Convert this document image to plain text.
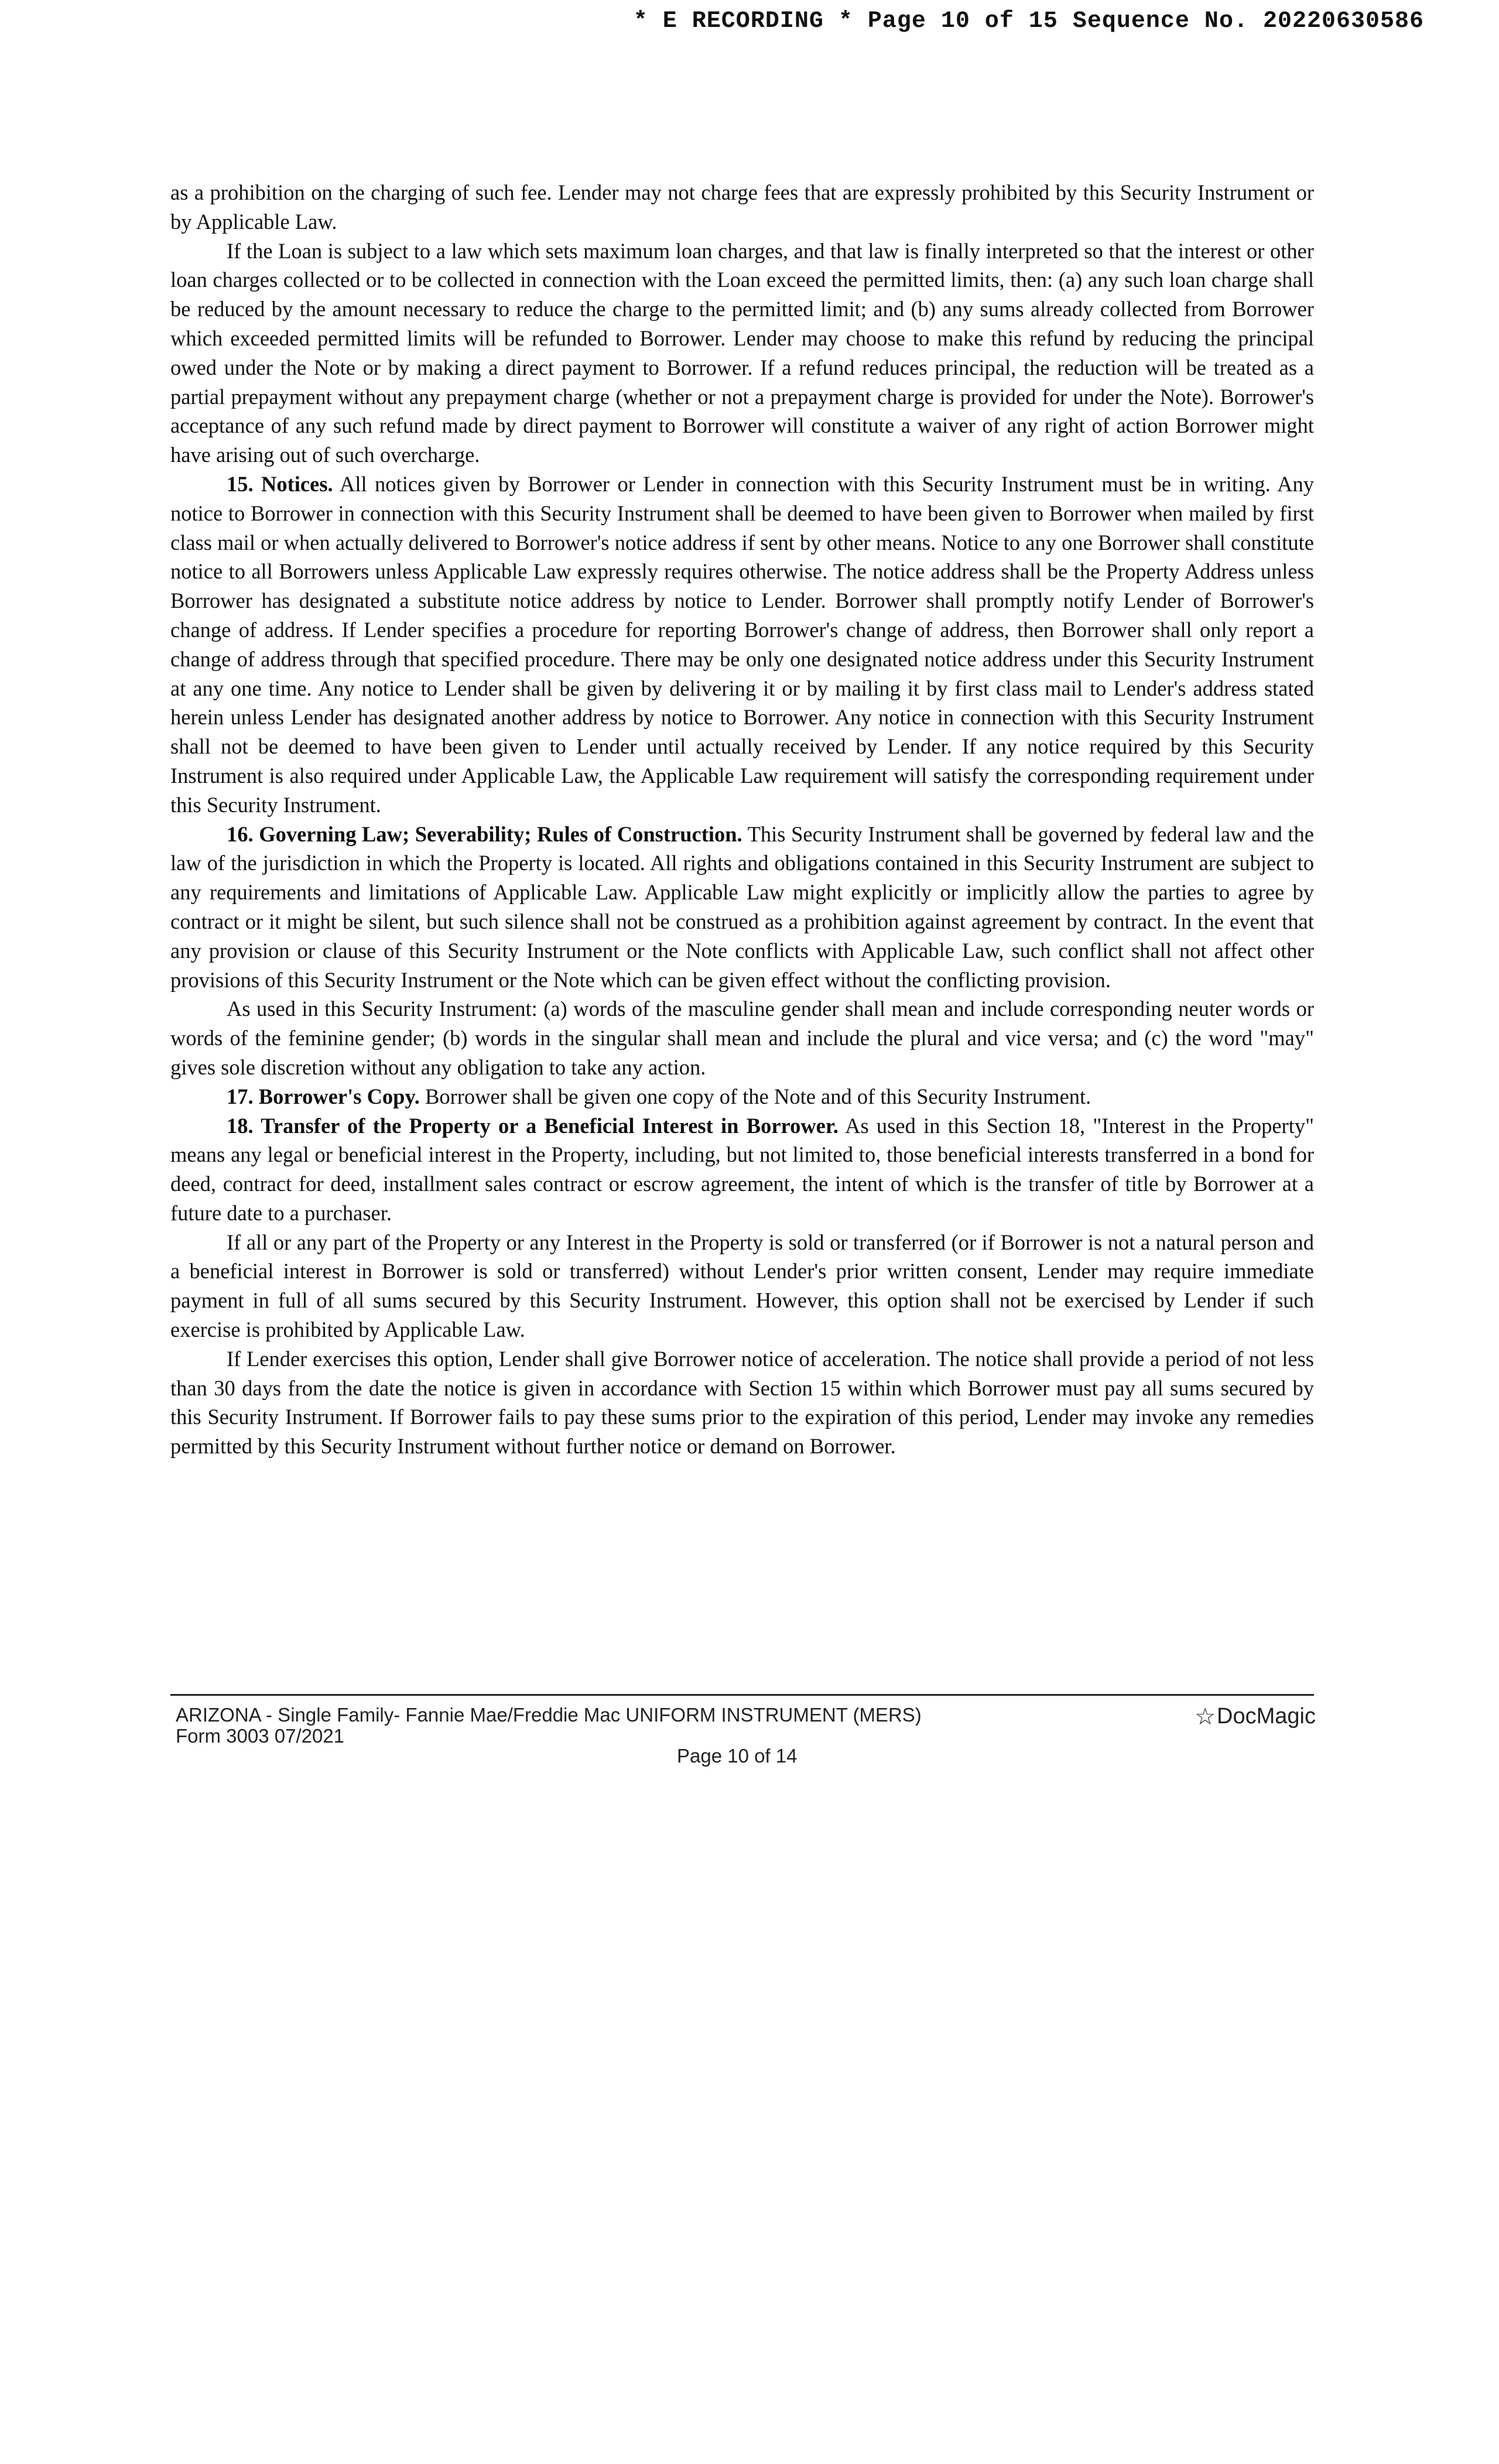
* E RECORDING * Page 10 of 15 Sequence No. 20220630586

as a prohibition on the charging of such fee. Lender may not charge fees that are expressly prohibited by this Security Instrument or by Applicable Law.

If the Loan is subject to a law which sets maximum loan charges, and that law is finally interpreted so that the interest or other loan charges collected or to be collected in connection with the Loan exceed the permitted limits, then: (a) any such loan charge shall be reduced by the amount necessary to reduce the charge to the permitted limit; and (b) any sums already collected from Borrower which exceeded permitted limits will be refunded to Borrower. Lender may choose to make this refund by reducing the principal owed under the Note or by making a direct payment to Borrower. If a refund reduces principal, the reduction will be treated as a partial prepayment without any prepayment charge (whether or not a prepayment charge is provided for under the Note). Borrower's acceptance of any such refund made by direct payment to Borrower will constitute a waiver of any right of action Borrower might have arising out of such overcharge.

15. Notices. All notices given by Borrower or Lender in connection with this Security Instrument must be in writing. Any notice to Borrower in connection with this Security Instrument shall be deemed to have been given to Borrower when mailed by first class mail or when actually delivered to Borrower's notice address if sent by other means. Notice to any one Borrower shall constitute notice to all Borrowers unless Applicable Law expressly requires otherwise. The notice address shall be the Property Address unless Borrower has designated a substitute notice address by notice to Lender. Borrower shall promptly notify Lender of Borrower's change of address. If Lender specifies a procedure for reporting Borrower's change of address, then Borrower shall only report a change of address through that specified procedure. There may be only one designated notice address under this Security Instrument at any one time. Any notice to Lender shall be given by delivering it or by mailing it by first class mail to Lender's address stated herein unless Lender has designated another address by notice to Borrower. Any notice in connection with this Security Instrument shall not be deemed to have been given to Lender until actually received by Lender. If any notice required by this Security Instrument is also required under Applicable Law, the Applicable Law requirement will satisfy the corresponding requirement under this Security Instrument.

16. Governing Law; Severability; Rules of Construction. This Security Instrument shall be governed by federal law and the law of the jurisdiction in which the Property is located. All rights and obligations contained in this Security Instrument are subject to any requirements and limitations of Applicable Law. Applicable Law might explicitly or implicitly allow the parties to agree by contract or it might be silent, but such silence shall not be construed as a prohibition against agreement by contract. In the event that any provision or clause of this Security Instrument or the Note conflicts with Applicable Law, such conflict shall not affect other provisions of this Security Instrument or the Note which can be given effect without the conflicting provision.

As used in this Security Instrument: (a) words of the masculine gender shall mean and include corresponding neuter words or words of the feminine gender; (b) words in the singular shall mean and include the plural and vice versa; and (c) the word "may" gives sole discretion without any obligation to take any action.

17. Borrower's Copy. Borrower shall be given one copy of the Note and of this Security Instrument.

18. Transfer of the Property or a Beneficial Interest in Borrower. As used in this Section 18, "Interest in the Property" means any legal or beneficial interest in the Property, including, but not limited to, those beneficial interests transferred in a bond for deed, contract for deed, installment sales contract or escrow agreement, the intent of which is the transfer of title by Borrower at a future date to a purchaser.

If all or any part of the Property or any Interest in the Property is sold or transferred (or if Borrower is not a natural person and a beneficial interest in Borrower is sold or transferred) without Lender's prior written consent, Lender may require immediate payment in full of all sums secured by this Security Instrument. However, this option shall not be exercised by Lender if such exercise is prohibited by Applicable Law.

If Lender exercises this option, Lender shall give Borrower notice of acceleration. The notice shall provide a period of not less than 30 days from the date the notice is given in accordance with Section 15 within which Borrower must pay all sums secured by this Security Instrument. If Borrower fails to pay these sums prior to the expiration of this period, Lender may invoke any remedies permitted by this Security Instrument without further notice or demand on Borrower.

ARIZONA - Single Family- Fannie Mae/Freddie Mac UNIFORM INSTRUMENT (MERS)
Form 3003 07/2021
Page 10 of 14
☆ DocMagic
